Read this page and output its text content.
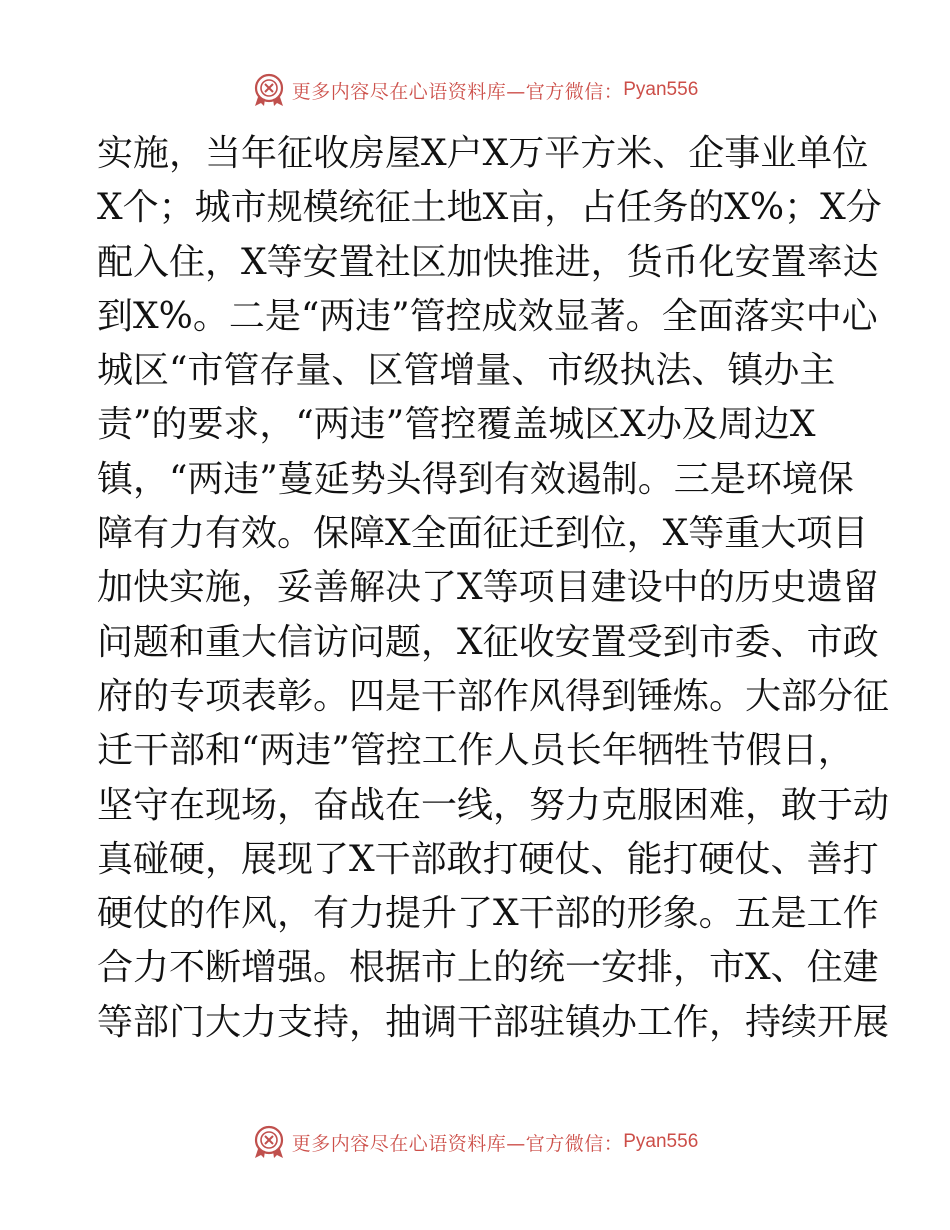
更多内容尽在心语资料库—官方微信： Pyan556
实施，当年征收房屋X户X万平方米、企事业单位
X个；城市规模统征土地X亩，占任务的X%；X分
配入住，X等安置社区加快推进，货币化安置率达
到X%。二是“两违”管控成效显著。全面落实中心
城区“市管存量、区管增量、市级执法、镇办主
责”的要求，“两违”管控覆盖城区X办及周边X
镇，“两违”蔓延势头得到有效遏制。三是环境保
障有力有效。保障X全面征迁到位，X等重大项目
加快实施，妥善解决了X等项目建设中的历史遗留
问题和重大信访问题，X征收安置受到市委、市政
府的专项表彰。四是干部作风得到锤炼。大部分征
迁干部和“两违”管控工作人员长年牺牲节假日，
坚守在现场，奋战在一线，努力克服困难，敢于动
真碰硬，展现了X干部敢打硬仗、能打硬仗、善打
硬仗的作风，有力提升了X干部的形象。五是工作
合力不断增强。根据市上的统一安排，市X、住建
等部门大力支持，抽调干部驻镇办工作，持续开展
更多内容尽在心语资料库—官方微信： Pyan556
